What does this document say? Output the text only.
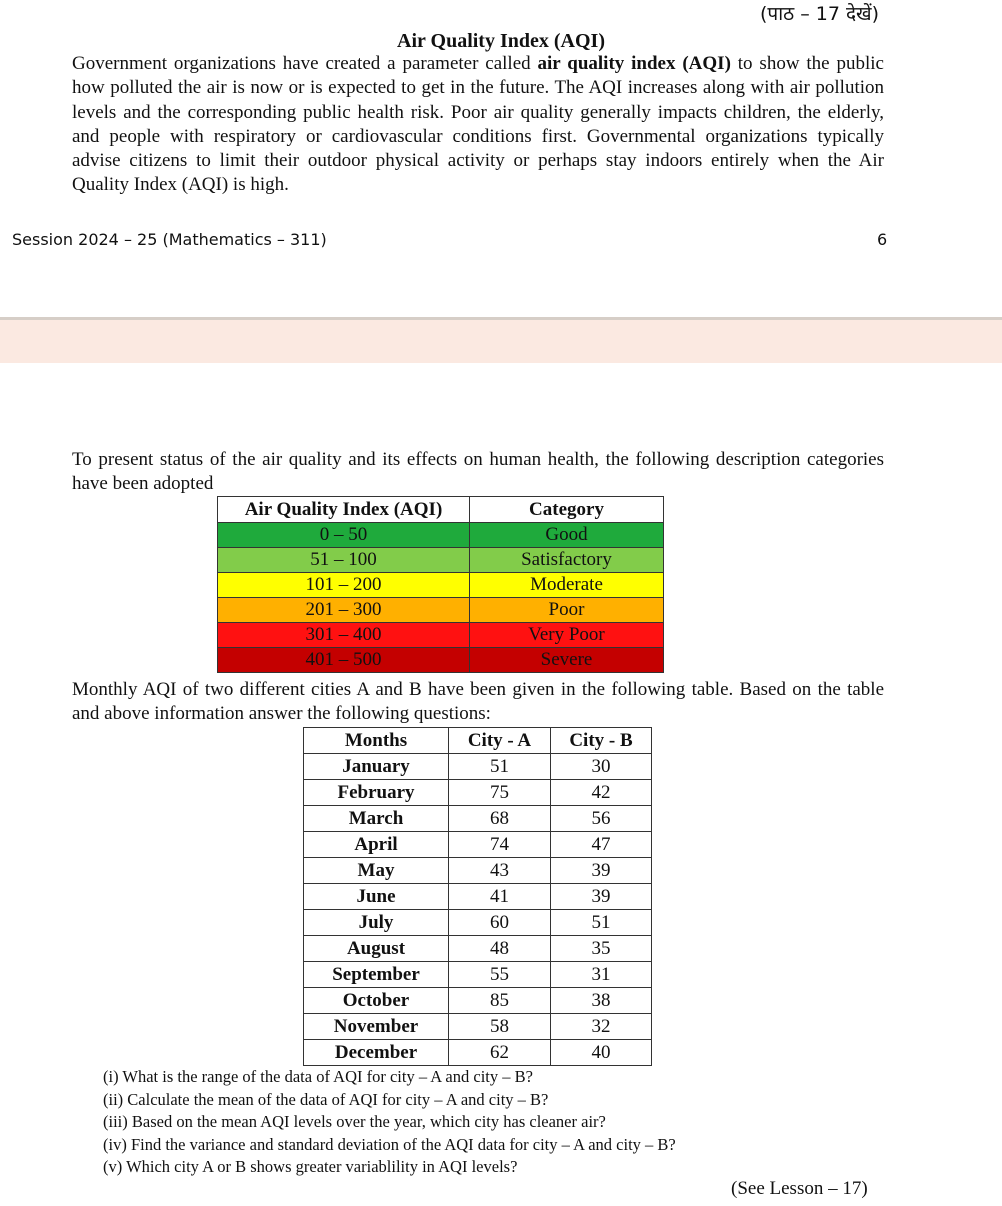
(पाठ – 17 देखें)
Air Quality Index (AQI)
Government organizations have created a parameter called air quality index (AQI) to show the public how polluted the air is now or is expected to get in the future. The AQI increases along with air pollution levels and the corresponding public health risk. Poor air quality generally impacts children, the elderly, and people with respiratory or cardiovascular conditions first. Governmental organizations typically advise citizens to limit their outdoor physical activity or perhaps stay indoors entirely when the Air Quality Index (AQI) is high.
Session 2024 – 25 (Mathematics – 311)	6
To present status of the air quality and its effects on human health, the following description categories have been adopted
Air Quality Index (AQI)	Category
0 – 50	Good
51 – 100	Satisfactory
101 – 200	Moderate
201 – 300	Poor
301 – 400	Very Poor
401 – 500	Severe
Monthly AQI of two different cities A and B have been given in the following table. Based on the table and above information answer the following questions:
Months	City - A	City - B
January	51	30
February	75	42
March	68	56
April	74	47
May	43	39
June	41	39
July	60	51
August	48	35
September	55	31
October	85	38
November	58	32
December	62	40
(i) What is the range of the data of AQI for city – A and city – B?
(ii) Calculate the mean of the data of AQI for city – A and city – B?
(iii) Based on the mean AQI levels over the year, which city has cleaner air?
(iv) Find the variance and standard deviation of the AQI data for city – A and city – B?
(v) Which city A or B shows greater variablility in AQI levels?
(See Lesson – 17)
